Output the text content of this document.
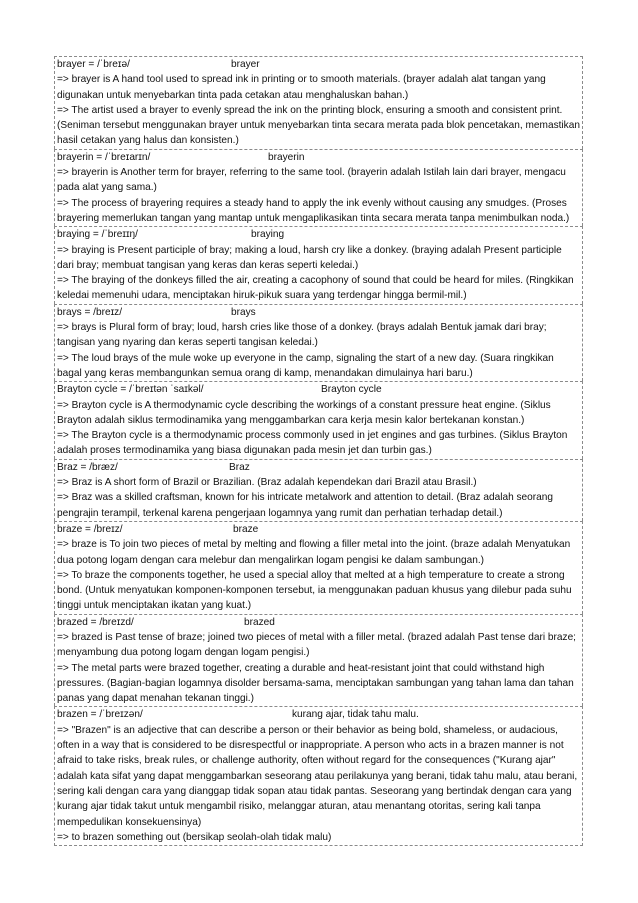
brayer = /ˈbreɪə/	brayer
=> brayer is A hand tool used to spread ink in printing or to smooth materials. (brayer adalah alat tangan yang digunakan untuk menyebarkan tinta pada cetakan atau menghaluskan bahan.)
=> The artist used a brayer to evenly spread the ink on the printing block, ensuring a smooth and consistent print. (Seniman tersebut menggunakan brayer untuk menyebarkan tinta secara merata pada blok pencetakan, memastikan hasil cetakan yang halus dan konsisten.)
brayerin = /ˈbreɪarɪn/	brayerin
=> brayerin is Another term for brayer, referring to the same tool. (brayerin adalah Istilah lain dari brayer, mengacu pada alat yang sama.)
=> The process of brayering requires a steady hand to apply the ink evenly without causing any smudges. (Proses brayering memerlukan tangan yang mantap untuk mengaplikasikan tinta secara merata tanpa menimbulkan noda.)
braying = /ˈbreɪɪŋ/	braying
=> braying is Present participle of bray; making a loud, harsh cry like a donkey. (braying adalah Present participle dari bray; membuat tangisan yang keras dan keras seperti keledai.)
=> The braying of the donkeys filled the air, creating a cacophony of sound that could be heard for miles. (Ringkikan keledai memenuhi udara, menciptakan hiruk-pikuk suara yang terdengar hingga bermil-mil.)
brays = /breɪz/	brays
=> brays is Plural form of bray; loud, harsh cries like those of a donkey. (brays adalah Bentuk jamak dari bray; tangisan yang nyaring dan keras seperti tangisan keledai.)
=> The loud brays of the mule woke up everyone in the camp, signaling the start of a new day. (Suara ringkikan bagal yang keras membangunkan semua orang di kamp, menandakan dimulainya hari baru.)
Brayton cycle = /ˈbreɪtən ˈsaɪkəl/	Brayton cycle
=> Brayton cycle is A thermodynamic cycle describing the workings of a constant pressure heat engine. (Siklus Brayton adalah siklus termodinamika yang menggambarkan cara kerja mesin kalor bertekanan konstan.)
=> The Brayton cycle is a thermodynamic process commonly used in jet engines and gas turbines. (Siklus Brayton adalah proses termodinamika yang biasa digunakan pada mesin jet dan turbin gas.)
Braz = /bræz/	Braz
=> Braz is A short form of Brazil or Brazilian. (Braz adalah kependekan dari Brazil atau Brasil.)
=> Braz was a skilled craftsman, known for his intricate metalwork and attention to detail. (Braz adalah seorang pengrajin terampil, terkenal karena pengerjaan logamnya yang rumit dan perhatian terhadap detail.)
braze = /breɪz/	braze
=> braze is To join two pieces of metal by melting and flowing a filler metal into the joint. (braze adalah Menyatukan dua potong logam dengan cara melebur dan mengalirkan logam pengisi ke dalam sambungan.)
=> To braze the components together, he used a special alloy that melted at a high temperature to create a strong bond. (Untuk menyatukan komponen-komponen tersebut, ia menggunakan paduan khusus yang dilebur pada suhu tinggi untuk menciptakan ikatan yang kuat.)
brazed = /breɪzd/	brazed
=> brazed is Past tense of braze; joined two pieces of metal with a filler metal. (brazed adalah Past tense dari braze; menyambung dua potong logam dengan logam pengisi.)
=> The metal parts were brazed together, creating a durable and heat-resistant joint that could withstand high pressures. (Bagian-bagian logamnya disolder bersama-sama, menciptakan sambungan yang tahan lama dan tahan panas yang dapat menahan tekanan tinggi.)
brazen = /ˈbreɪzən/	kurang ajar, tidak tahu malu.
=> "Brazen" is an adjective that can describe a person or their behavior as being bold, shameless, or audacious, often in a way that is considered to be disrespectful or inappropriate. A person who acts in a brazen manner is not afraid to take risks, break rules, or challenge authority, often without regard for the consequences ("Kurang ajar" adalah kata sifat yang dapat menggambarkan seseorang atau perilakunya yang berani, tidak tahu malu, atau berani, sering kali dengan cara yang dianggap tidak sopan atau tidak pantas. Seseorang yang bertindak dengan cara yang kurang ajar tidak takut untuk mengambil risiko, melanggar aturan, atau menantang otoritas, sering kali tanpa mempedulikan konsekuensinya)
=> to brazen something out (bersikap seolah-olah tidak malu)
